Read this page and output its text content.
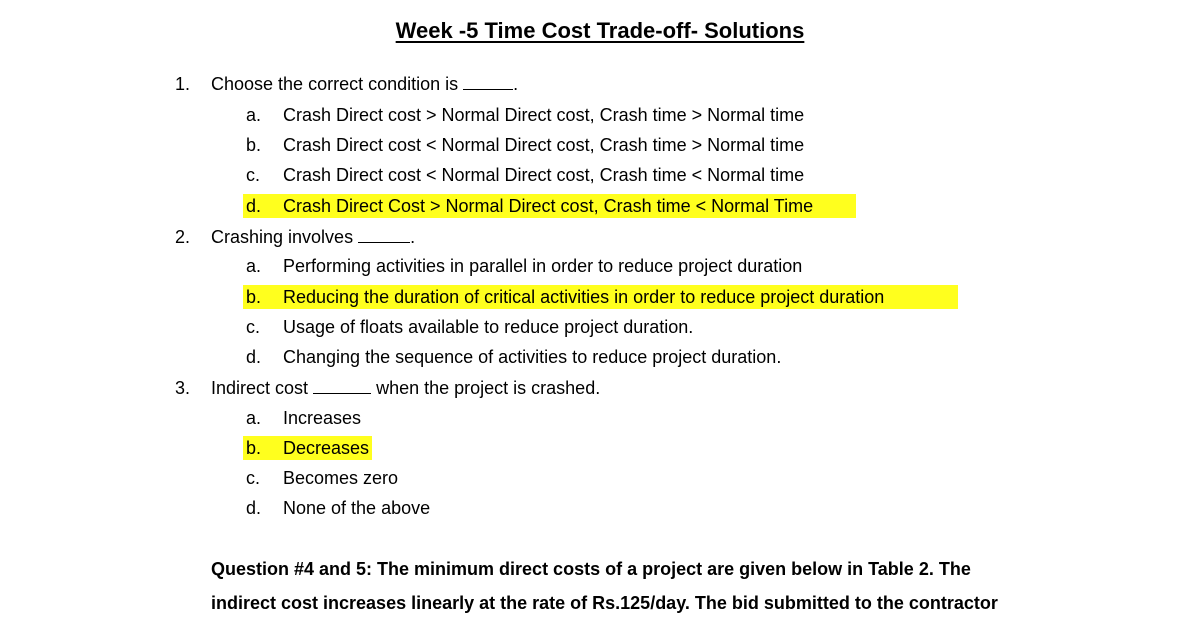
Week -5 Time Cost Trade-off- Solutions
1. Choose the correct condition is	.
a. Crash Direct cost > Normal Direct cost, Crash time > Normal time
b. Crash Direct cost < Normal Direct cost, Crash time > Normal time
c. Crash Direct cost < Normal Direct cost, Crash time < Normal time
d. Crash Direct Cost > Normal Direct cost, Crash time < Normal Time
2. Crashing involves	.
a. Performing activities in parallel in order to reduce project duration
b. Reducing the duration of critical activities in order to reduce project duration
c. Usage of floats available to reduce project duration.
d. Changing the sequence of activities to reduce project duration.
3. Indirect cost	when the project is crashed.
a. Increases
b. Decreases
c. Becomes zero
d. None of the above
Question #4 and 5: The minimum direct costs of a project are given below in Table 2. The
indirect cost increases linearly at the rate of Rs.125/day. The bid submitted to the contractor
